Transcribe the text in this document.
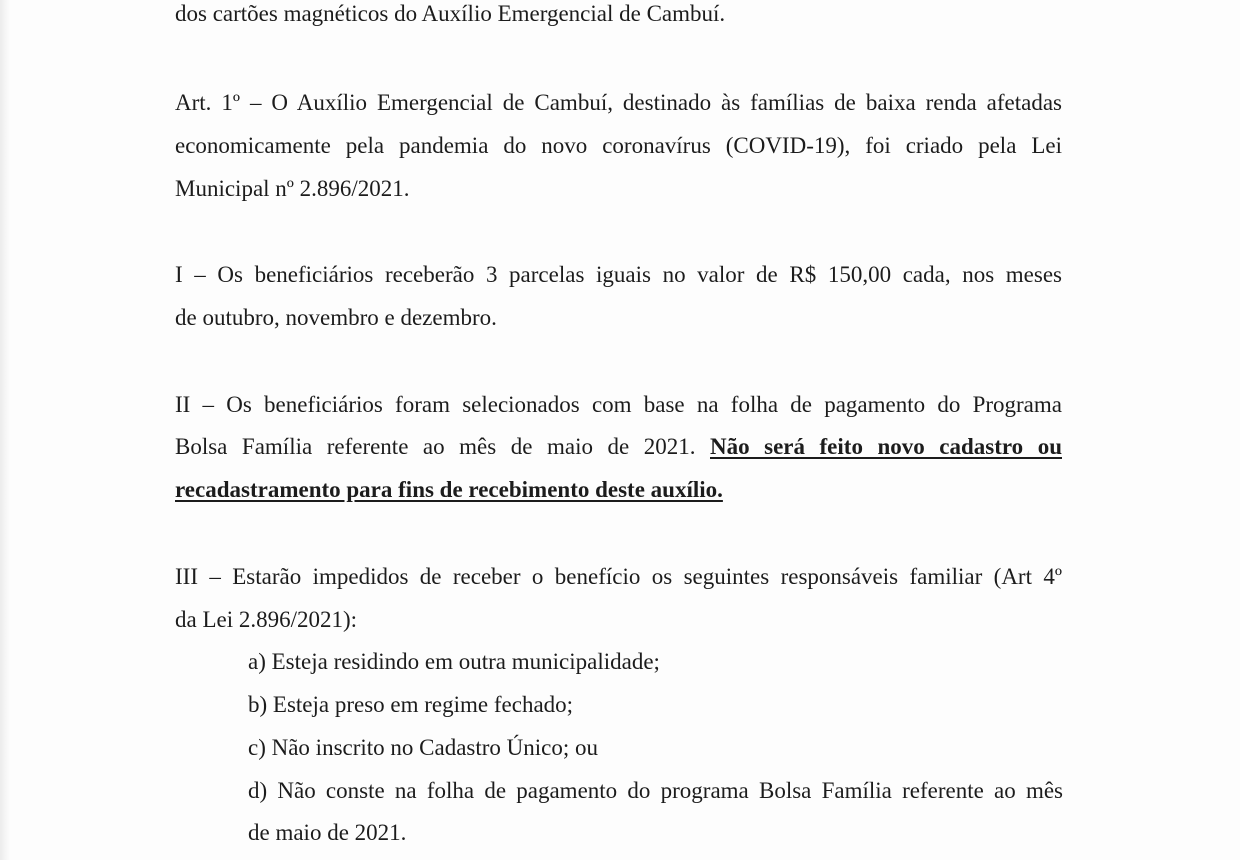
dos cartões magnéticos do Auxílio Emergencial de Cambuí.

Art. 1º – O Auxílio Emergencial de Cambuí, destinado às famílias de baixa renda afetadas

economicamente pela pandemia do novo coronavírus (COVID-19), foi criado pela Lei

Municipal nº 2.896/2021.

I – Os beneficiários receberão 3 parcelas iguais no valor de R$ 150,00 cada, nos meses

de outubro, novembro e dezembro.

II – Os beneficiários foram selecionados com base na folha de pagamento do Programa

Bolsa Família referente ao mês de maio de 2021. Não será feito novo cadastro ou

recadastramento para fins de recebimento deste auxílio.

III – Estarão impedidos de receber o benefício os seguintes responsáveis familiar (Art 4º

da Lei 2.896/2021):

a) Esteja residindo em outra municipalidade;

b) Esteja preso em regime fechado;

c) Não inscrito no Cadastro Único; ou

d) Não conste na folha de pagamento do programa Bolsa Família referente ao mês

de maio de 2021.
